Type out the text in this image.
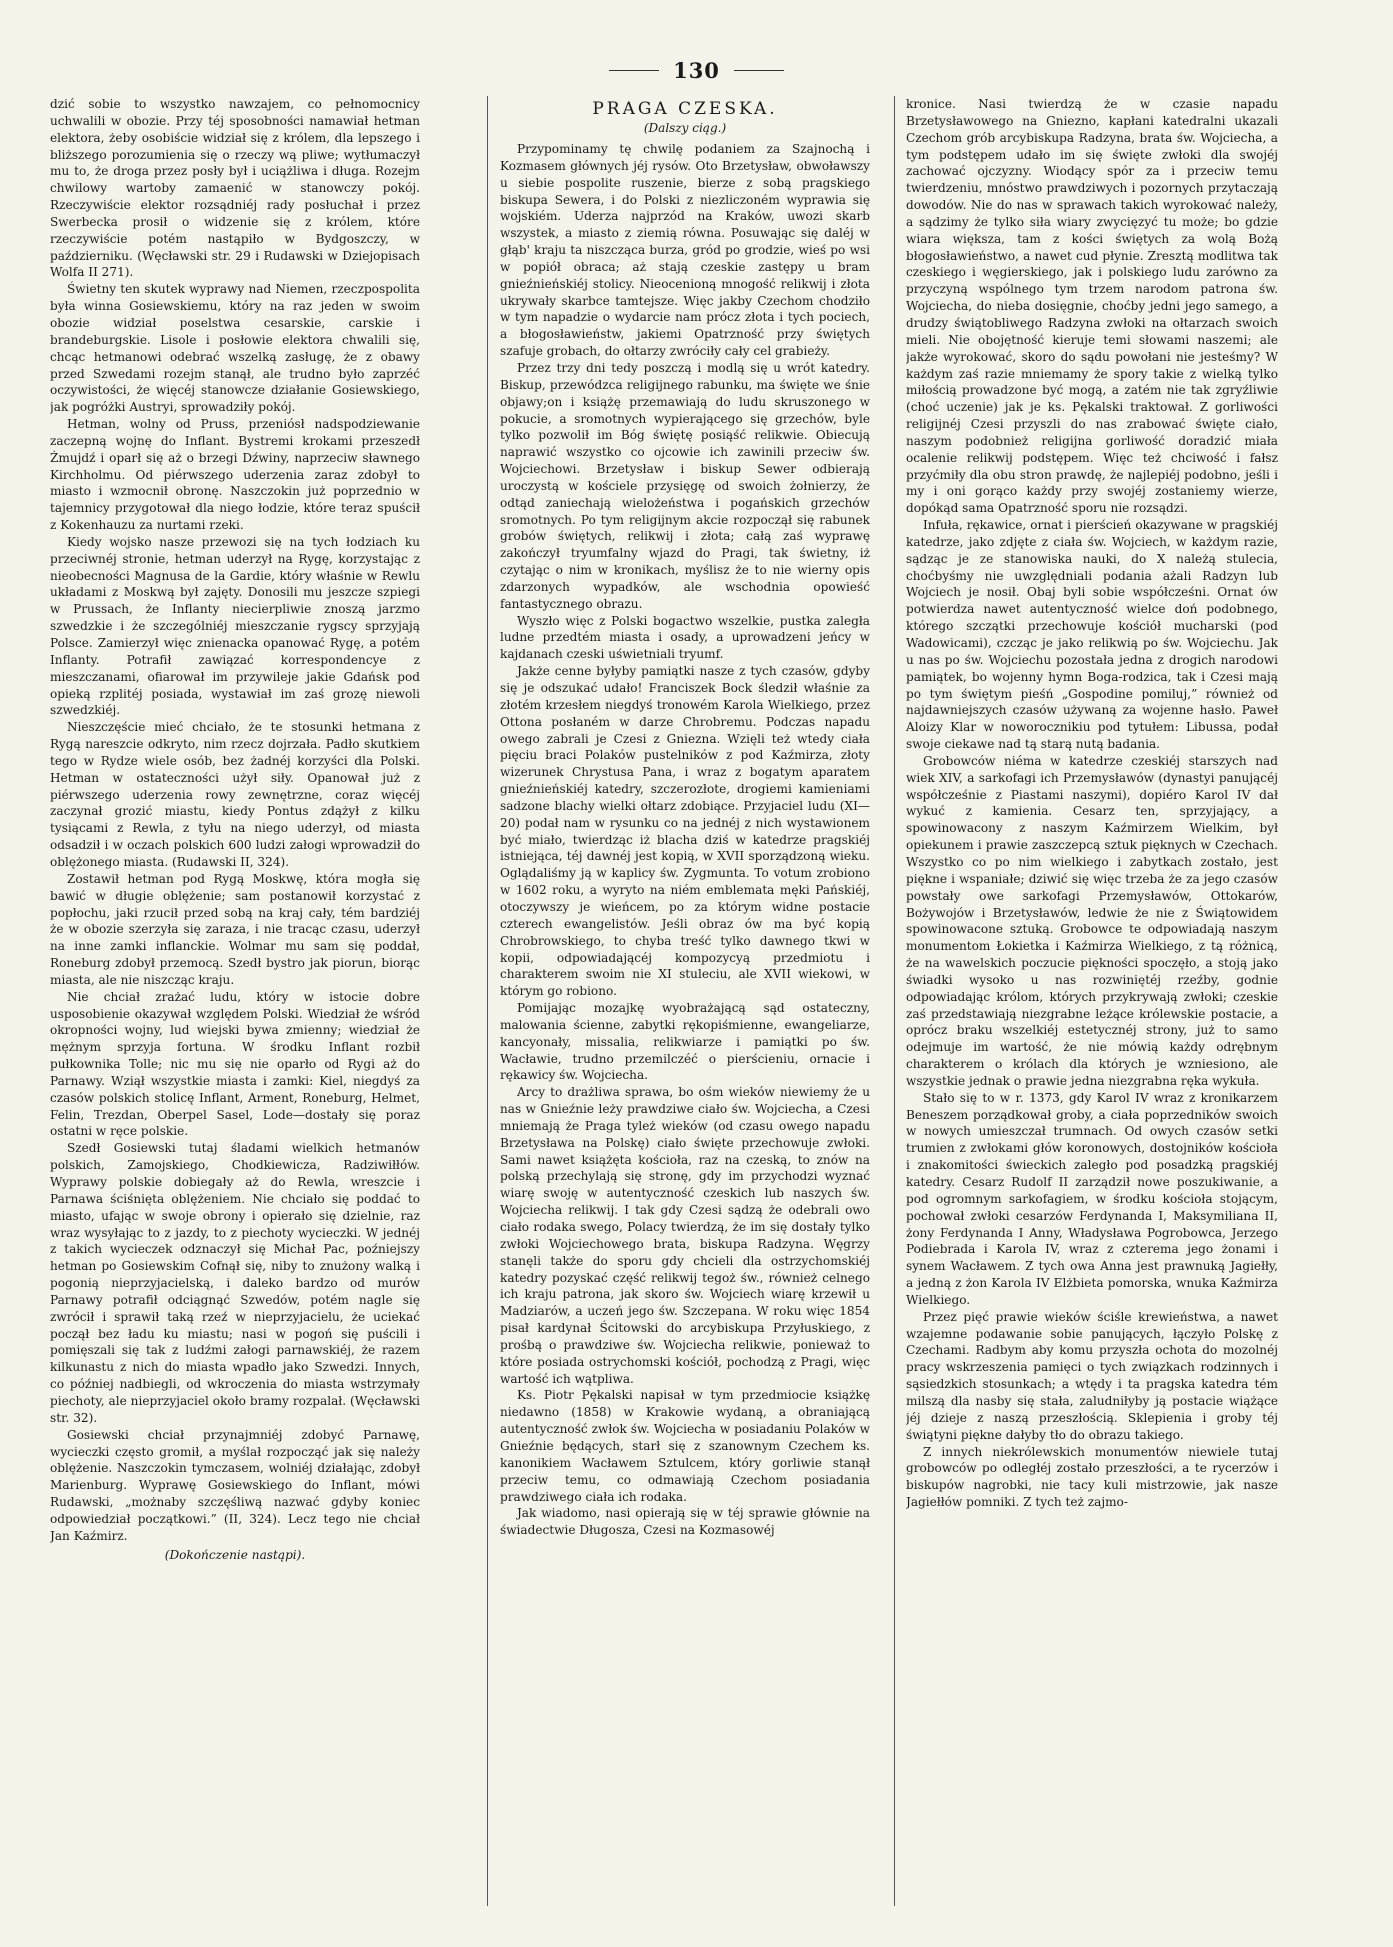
130

dzić sobie to wszystko nawzajem, co pełnomocnicy uchwalili w obozie. Przy téj sposobności namawiał hetman elektora, żeby osobiście widział się z królem, dla lepszego i bliższego porozumienia się o rzeczy wą pliwe; wytłumaczył mu to, że droga przez posły był i uciążliwa i długa. Rozejm chwilowy wartoby zamaenić w stanowczy pokój. Rzeczywiście elektor rozsądniéj rady posłuchał i przez Swerbecka prosił o widzenie się z królem, które rzeczywiście potém nastąpiło w Bydgoszczy, w październiku. (Węcławski str. 29 i Rudawski w Dziejopisach Wolfa II 271).

Świetny ten skutek wyprawy nad Niemen, rzeczpospolita była winna Gosiewskiemu, który na raz jeden w swoim obozie widział poselstwa cesarskie, carskie i brandeburgskie. Lisole i posłowie elektora chwalili się, chcąc hetmanowi odebrać wszelką zasługę, że z obawy przed Szwedami rozejm stanął, ale trudno było zaprzéć oczywistości, że więcéj stanowcze działanie Gosiewskiego, jak pogróżki Austryi, sprowadziły pokój.

Hetman, wolny od Pruss, przeniósł nadspodziewanie zaczepną wojnę do Inflant. Bystremi krokami przeszedł Żmujdź i oparł się aż o brzegi Dźwiny, naprzeciw sławnego Kirchholmu. Od piérwszego uderzenia zaraz zdobył to miasto i wzmocnił obronę. Naszczokin już poprzednio w tajemnicy przygotował dla niego łodzie, które teraz spuścił z Kokenhauzu za nurtami rzeki.

Kiedy wojsko nasze przewozi się na tych łodziach ku przeciwnéj stronie, hetman uderzył na Rygę, korzystając z nieobecności Magnusa de la Gardie, który właśnie w Rewlu układami z Moskwą był zajęty. Donosili mu jeszcze szpiegi w Prussach, że Inflanty niecierpliwie znoszą jarzmo szwedzkie i że szczególniéj mieszczanie rygscy sprzyjają Polsce. Zamierzył więc znienacka opanować Rygę, a potém Inflanty. Potrafił zawiązać korrespondencye z mieszczanami, ofiarował im przywileje jakie Gdańsk pod opieką rzplitéj posiada, wystawiał im zaś grozę niewoli szwedzkiéj.

Nieszczęście mieć chciało, że te stosunki hetmana z Rygą nareszcie odkryto, nim rzecz dojrzała. Padło skutkiem tego w Rydze wiele osób, bez żadnéj korzyści dla Polski. Hetman w ostateczności użył siły. Opanował już z piérwszego uderzenia rowy zewnętrzne, coraz więcéj zaczynał grozić miastu, kiedy Pontus zdążył z kilku tysiącami z Rewla, z tyłu na niego uderzył, od miasta odsadził i w oczach polskich 600 ludzi załogi wprowadził do oblężonego miasta. (Rudawski II, 324).

Zostawił hetman pod Rygą Moskwę, która mogła się bawić w długie oblężenie; sam postanowił korzystać z popłochu, jaki rzucił przed sobą na kraj cały, tém bardziéj że w obozie szerzyła się zaraza, i nie tracąc czasu, uderzył na inne zamki inflanckie. Wolmar mu sam się poddał, Roneburg zdobył przemocą. Szedł bystro jak piorun, biorąc miasta, ale nie niszcząc kraju.

Nie chciał zrażać ludu, który w istocie dobre usposobienie okazywał względem Polski. Wiedział że wśród okropności wojny, lud wiejski bywa zmienny; wiedział że mężnym sprzyja fortuna. W środku Inflant rozbił pułkownika Tolle; nic mu się nie oparło od Rygi aż do Parnawy. Wziął wszystkie miasta i zamki: Kiel, niegdyś za czasów polskich stolicę Inflant, Arment, Roneburg, Helmet, Felin, Trezdan, Oberpel Sasel, Lode—dostały się poraz ostatni w ręce polskie.

Szedł Gosiewski tutaj śladami wielkich hetmanów polskich, Zamojskiego, Chodkiewicza, Radziwiłłów. Wyprawy polskie dobiegały aż do Rewla, wreszcie i Parnawa ściśnięta oblężeniem. Nie chciało się poddać to miasto, ufając w swoje obrony i opierało się dzielnie, raz wraz wysyłając to z jazdy, to z piechoty wycieczki. W jednéj z takich wycieczek odznaczył się Michał Pac, poźniejszy hetman po Gosiewskim Cofnął się, niby to znużony walką i pogonią nieprzyjacielską, i daleko bardzo od murów Parnawy potrafił odciągnąć Szwedów, potém nagle się zwrócił i sprawił taką rzeź w nieprzyjacielu, że uciekać począł bez ładu ku miastu; nasi w pogoń się puścili i pomięszali się tak z ludźmi załogi parnawskiéj, że razem kilkunastu z nich do miasta wpadło jako Szwedzi. Innych, co później nadbiegli, od wkroczenia do miasta wstrzymały piechoty, ale nieprzyjaciel około bramy rozpalał. (Węcławski str. 32).

Gosiewski chciał przynajmniéj zdobyć Parnawę, wycieczki często gromił, a myślał rozpocząć jak się należy oblężenie. Naszczokin tymczasem, wolniéj działając, zdobył Marienburg. Wyprawę Gosiewskiego do Inflant, mówi Rudawski, „możnaby szczęśliwą nazwać gdyby koniec odpowiedział początkowi.” (II, 324). Lecz tego nie chciał Jan Kaźmirz.

(Dokończenie nastąpi).
PRAGA CZESKA.
(Dalszy ciąg.)

Przypominamy tę chwilę podaniem za Szajnochą i Kozmasem głównych jéj rysów. Oto Brzetysław, obwoławszy u siebie pospolite ruszenie, bierze z sobą pragskiego biskupa Sewera, i do Polski z niezliczoném wyprawia się wojskiém. Uderza najprzód na Kraków, uwozi skarb wszystek, a miasto z ziemią równa. Posuwając się daléj w głąb' kraju ta niszcząca burza, gród po grodzie, wieś po wsi w popiół obraca; aż stają czeskie zastępy u bram gnieźnieńskiéj stolicy. Nieocenioną mnogość relikwij i złota ukrywały skarbce tamtejsze. Więc jakby Czechom chodziło w tym napadzie o wydarcie nam prócz złota i tych pociech, a błogosławieństw, jakiemi Opatrzność przy świętych szafuje grobach, do ołtarzy zwróciły cały cel grabieży.

Przez trzy dni tedy poszczą i modlą się u wrót katedry. Biskup, przewódzca religijnego rabunku, ma święte we śnie objawy;on i książę przemawiają do ludu skruszonego w pokucie, a sromotnych wypierającego się grzechów, byle tylko pozwolił im Bóg świętę posiąść relikwie. Obiecują naprawić wszystko co ojcowie ich zawinili przeciw św. Wojciechowi. Brzetysław i biskup Sewer odbierają uroczystą w kościele przysięgę od swoich żołnierzy, że odtąd zaniechają wielożeństwa i pogańskich grzechów sromotnych. Po tym religijnym akcie rozpoczął się rabunek grobów świętych, relikwij i złota; całą zaś wyprawę zakończył tryumfalny wjazd do Pragi, tak świetny, iż czytając o nim w kronikach, myślisz że to nie wierny opis zdarzonych wypadków, ale wschodnia opowieść fantastycznego obrazu.

Wyszło więc z Polski bogactwo wszelkie, pustka zaległa ludne przedtém miasta i osady, a uprowadzeni jeńcy w kajdanach czeski uświetniali tryumf.

Jakże cenne byłyby pamiątki nasze z tych czasów, gdyby się je odszukać udało! Franciszek Bock śledził właśnie za złotém krzesłem niegdyś tronowém Karola Wielkiego, przez Ottona posłaném w darze Chrobremu. Podczas napadu owego zabrali je Czesi z Gniezna. Wzięli też wtedy ciała pięciu braci Polaków pustelników z pod Kaźmirza, złoty wizerunek Chrystusa Pana, i wraz z bogatym aparatem gnieźnieńskiéj katedry, szczerozłote, drogiemi kamieniami sadzone blachy wielki ołtarz zdobiące. Przyjaciel ludu (XI—20) podał nam w rysunku co na jednéj z nich wystawionem być miało, twierdząc iż blacha dziś w katedrze pragskiéj istniejąca, téj dawnéj jest kopią, w XVII sporządzoną wieku. Oglądaliśmy ją w kaplicy św. Zygmunta. To votum zrobiono w 1602 roku, a wyryto na niém emblemata męki Pańskiéj, otoczywszy je wieńcem, po za którym widne postacie czterech ewangelistów. Jeśli obraz ów ma być kopią Chrobrowskiego, to chyba treść tylko dawnego tkwi w kopii, odpowiadającéj kompozycyą przedmiotu i charakterem swoim nie XI stuleciu, ale XVII wiekowi, w którym go robiono.

Pomijając mozajkę wyobrażającą sąd ostateczny, malowania ścienne, zabytki rękopiśmienne, ewangeliarze, kancyonały, missalia, relikwiarze i pamiątki po św. Wacławie, trudno przemilczéć o pierścieniu, ornacie i rękawicy św. Wojciecha.

Arcy to drażliwa sprawa, bo ośm wieków niewiemy że u nas w Gnieźnie leży prawdziwe ciało św. Wojciecha, a Czesi mniemają że Praga tyleż wieków (od czasu owego napadu Brzetysława na Polskę) ciało święte przechowuje zwłoki. Sami nawet książęta kościoła, raz na czeską, to znów na polską przechylają się stronę, gdy im przychodzi wyznać wiarę swoję w autentyczność czeskich lub naszych św. Wojciecha relikwij. I tak gdy Czesi sądzą że odebrali owo ciało rodaka swego, Polacy twierdzą, że im się dostały tylko zwłoki Wojciechowego brata, biskupa Radzyna. Węgrzy stanęli także do sporu gdy chcieli dla ostrzychomskiéj katedry pozyskać część relikwij tegoż św., również celnego ich kraju patrona, jak skoro św. Wojciech wiarę krzewił u Madziarów, a uczeń jego św. Szczepana. W roku więc 1854 pisał kardynał Ścitowski do arcybiskupa Przyłuskiego, z prośbą o prawdziwe św. Wojciecha relikwie, ponieważ to które posiada ostrychomski kościół, pochodzą z Pragi, więc wartość ich wątpliwa.

Ks. Piotr Pękalski napisał w tym przedmiocie książkę niedawno (1858) w Krakowie wydaną, a obraniającą autentyczność zwłok św. Wojciecha w posiadaniu Polaków w Gnieźnie będących, starł się z szanownym Czechem ks. kanonikiem Wacławem Sztulcem, który gorliwie stanął przeciw temu, co odmawiają Czechom posiadania prawdziwego ciała ich rodaka.

Jak wiadomo, nasi opierają się w téj sprawie głównie na świadectwie Długosza, Czesi na Kozmasowéj

kronice. Nasi twierdzą że w czasie napadu Brzetysławowego na Gniezno, kapłani katedralni ukazali Czechom grób arcybiskupa Radzyna, brata św. Wojciecha, a tym podstępem udało im się święte zwłoki dla swojéj zachować ojczyzny. Wiodący spór za i przeciw temu twierdzeniu, mnóstwo prawdziwych i pozornych przytaczają dowodów. Nie do nas w sprawach takich wyrokować należy, a sądzimy że tylko siła wiary zwycięzyć tu może; bo gdzie wiara większa, tam z kości świętych za wolą Bożą błogosławieństwo, a nawet cud płynie. Zresztą modlitwa tak czeskiego i węgierskiego, jak i polskiego ludu zarówno za przyczyną wspólnego tym trzem narodom patrona św. Wojciecha, do nieba dosięgnie, choćby jedni jego samego, a drudzy świątobliwego Radzyna zwłoki na ołtarzach swoich mieli. Nie obojętność kieruje temi słowami naszemi; ale jakże wyrokować, skoro do sądu powołani nie jesteśmy? W każdym zaś razie mniemamy że spory takie z wielką tylko miłością prowadzone być mogą, a zatém nie tak zgryźliwie (choć uczenie) jak je ks. Pękalski traktował. Z gorliwości religijnéj Czesi przyszli do nas zrabować święte ciało, naszym podobnież religijna gorliwość doradzić miała ocalenie relikwij podstępem. Więc też chciwość i fałsz przyćmiły dla obu stron prawdę, że najlepiéj podobno, jeśli i my i oni gorąco każdy przy swojéj zostaniemy wierze, dopókąd sama Opatrzność sporu nie rozsądzi.

Infuła, rękawice, ornat i pierścień okazywane w pragskiéj katedrze, jako zdjęte z ciała św. Wojciech, w każdym razie, sądząc je ze stanowiska nauki, do X należą stulecia, choćbyśmy nie uwzględniali podania ażali Radzyn lub Wojciech je nosił. Obaj byli sobie współcześni. Ornat ów potwierdza nawet autentyczność wielce doń podobnego, którego szczątki przechowuje kościół mucharski (pod Wadowicami), czcząc je jako relikwią po św. Wojciechu. Jak u nas po św. Wojciechu pozostała jedna z drogich narodowi pamiątek, bo wojenny hymn Boga-rodzica, tak i Czesi mają po tym świętym pieśń „Gospodine pomiluj,” również od najdawniejszych czasów używaną za wojenne hasło. Paweł Aloizy Klar w noworocznikiu pod tytułem: Libussa, podał swoje ciekawe nad tą starą nutą badania.

Grobowców niéma w katedrze czeskiéj starszych nad wiek XIV, a sarkofagi ich Przemysławów (dynastyi panującéj współcześnie z Piastami naszymi), dopiéro Karol IV dał wykuć z kamienia. Cesarz ten, sprzyjający, a spowinowacony z naszym Kaźmirzem Wielkim, był opiekunem i prawie zaszczepcą sztuk pięknych w Czechach. Wszystko co po nim wielkiego i zabytkach zostało, jest piękne i wspaniałe; dziwić się więc trzeba że za jego czasów powstały owe sarkofagi Przemysławów, Ottokarów, Bożywojów i Brzetysławów, ledwie że nie z Świątowidem spowinowacone sztuką. Grobowce te odpowiadają naszym monumentom Łokietka i Kaźmirza Wielkiego, z tą różnicą, że na wawelskich poczucie piękności spoczęło, a stoją jako świadki wysoko u nas rozwiniętéj rzeźby, godnie odpowiadając królom, których przykrywają zwłoki; czeskie zaś przedstawiają niezgrabne leżące królewskie postacie, a oprócz braku wszelkiéj estetycznéj strony, już to samo odejmuje im wartość, że nie mówią każdy odrębnym charakterem o królach dla których je wzniesiono, ale wszystkie jednak o prawie jedna niezgrabna ręka wykuła.

Stało się to w r. 1373, gdy Karol IV wraz z kronikarzem Beneszem porządkował groby, a ciała poprzedników swoich w nowych umieszczał trumnach. Od owych czasów setki trumien z zwłokami głów koronowych, dostojników kościoła i znakomitości świeckich zaległo pod posadzką pragskiéj katedry. Cesarz Rudolf II zarządził nowe poszukiwanie, a pod ogromnym sarkofagiem, w środku kościoła stojącym, pochował zwłoki cesarzów Ferdynanda I, Maksymiliana II, żony Ferdynanda I Anny, Władysława Pogrobowca, Jerzego Podiebrada i Karola IV, wraz z czterema jego żonami i synem Wacławem. Z tych owa Anna jest prawnuką Jagiełły, a jedną z żon Karola IV Elżbieta pomorska, wnuka Kaźmirza Wielkiego.

Przez pięć prawie wieków ściśle krewieństwa, a nawet wzajemne podawanie sobie panujących, łączyło Polskę z Czechami. Radbym aby komu przyszła ochota do mozolnéj pracy wskrzeszenia pamięci o tych związkach rodzinnych i sąsiedzkich stosunkach; a wtędy i ta pragska katedra tém milszą dla nasby się stała, zaludniłyby ją postacie wiążące jéj dzieje z naszą przeszłością. Sklepienia i groby téj świątyni piękne dałyby tło do obrazu takiego.

Z innych niekrólewskich monumentów niewiele tutaj grobowców po odległéj zostało przeszłości, a te rycerzów i biskupów nagrobki, nie tacy kuli mistrzowie, jak nasze Jagiełłów pomniki. Z tych też zajmo-
